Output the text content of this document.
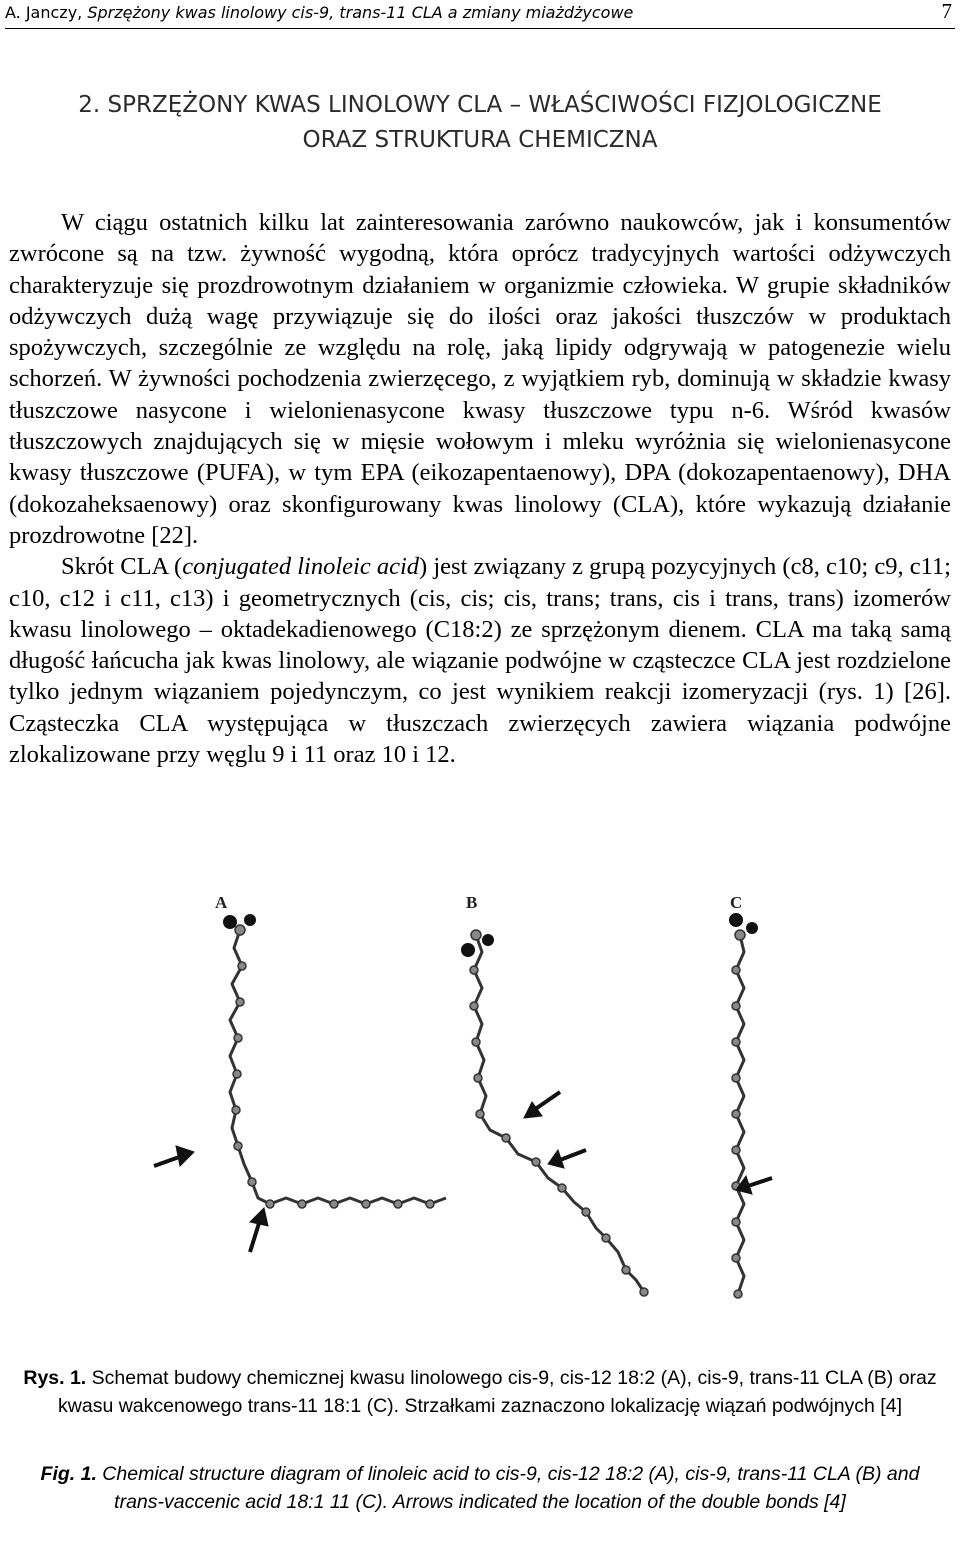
A. Janczy, Sprzężony kwas linolowy cis-9, trans-11 CLA a zmiany miażdżycowe	7
2. SPRZĘŻONY KWAS LINOLOWY CLA – WŁAŚCIWOŚCI FIZJOLOGICZNE
ORAZ STRUKTURA CHEMICZNA

W ciągu ostatnich kilku lat zainteresowania zarówno naukowców, jak i konsumentów zwrócone są na tzw. żywność wygodną, która oprócz tradycyjnych wartości odżywczych charakteryzuje się prozdrowotnym działaniem w organizmie człowieka. W grupie składników odżywczych dużą wagę przywiązuje się do ilości oraz jakości tłuszczów w produktach spożywczych, szczególnie ze względu na rolę, jaką lipidy odgrywają w patogenezie wielu schorzeń. W żywności pochodzenia zwierzęcego, z wyjątkiem ryb, dominują w składzie kwasy tłuszczowe nasycone i wielonienasycone kwasy tłuszczowe typu n-6. Wśród kwasów tłuszczowych znajdujących się w mięsie wołowym i mleku wyróżnia się wielonienasycone kwasy tłuszczowe (PUFA), w tym EPA (eikozapentaenowy), DPA (dokozapentaenowy), DHA (dokozaheksaenowy) oraz skonfigurowany kwas linolowy (CLA), które wykazują działanie prozdrowotne [22].

Skrót CLA (conjugated linoleic acid) jest związany z grupą pozycyjnych (c8, c10; c9, c11; c10, c12 i c11, c13) i geometrycznych (cis, cis; cis, trans; trans, cis i trans, trans) izomerów kwasu linolowego – oktadekadienowego (C18:2) ze sprzężonym dienem. CLA ma taką samą długość łańcucha jak kwas linolowy, ale wiązanie podwójne w cząsteczce CLA jest rozdzielone tylko jednym wiązaniem pojedynczym, co jest wynikiem reakcji izomeryzacji (rys. 1) [26]. Cząsteczka CLA występująca w tłuszczach zwierzęcych zawiera wiązania podwójne zlokalizowane przy węglu 9 i 11 oraz 10 i 12.

A	B	C
Rys. 1. Schemat budowy chemicznej kwasu linolowego cis-9, cis-12 18:2 (A), cis-9, trans-11 CLA (B) oraz kwasu wakcenowego trans-11 18:1 (C). Strzałkami zaznaczono lokalizację wiązań podwójnych [4]
Fig. 1. Chemical structure diagram of linoleic acid to cis-9, cis-12 18:2 (A), cis-9, trans-11 CLA (B) and trans-vaccenic acid 18:1 11 (C). Arrows indicated the location of the double bonds [4]
